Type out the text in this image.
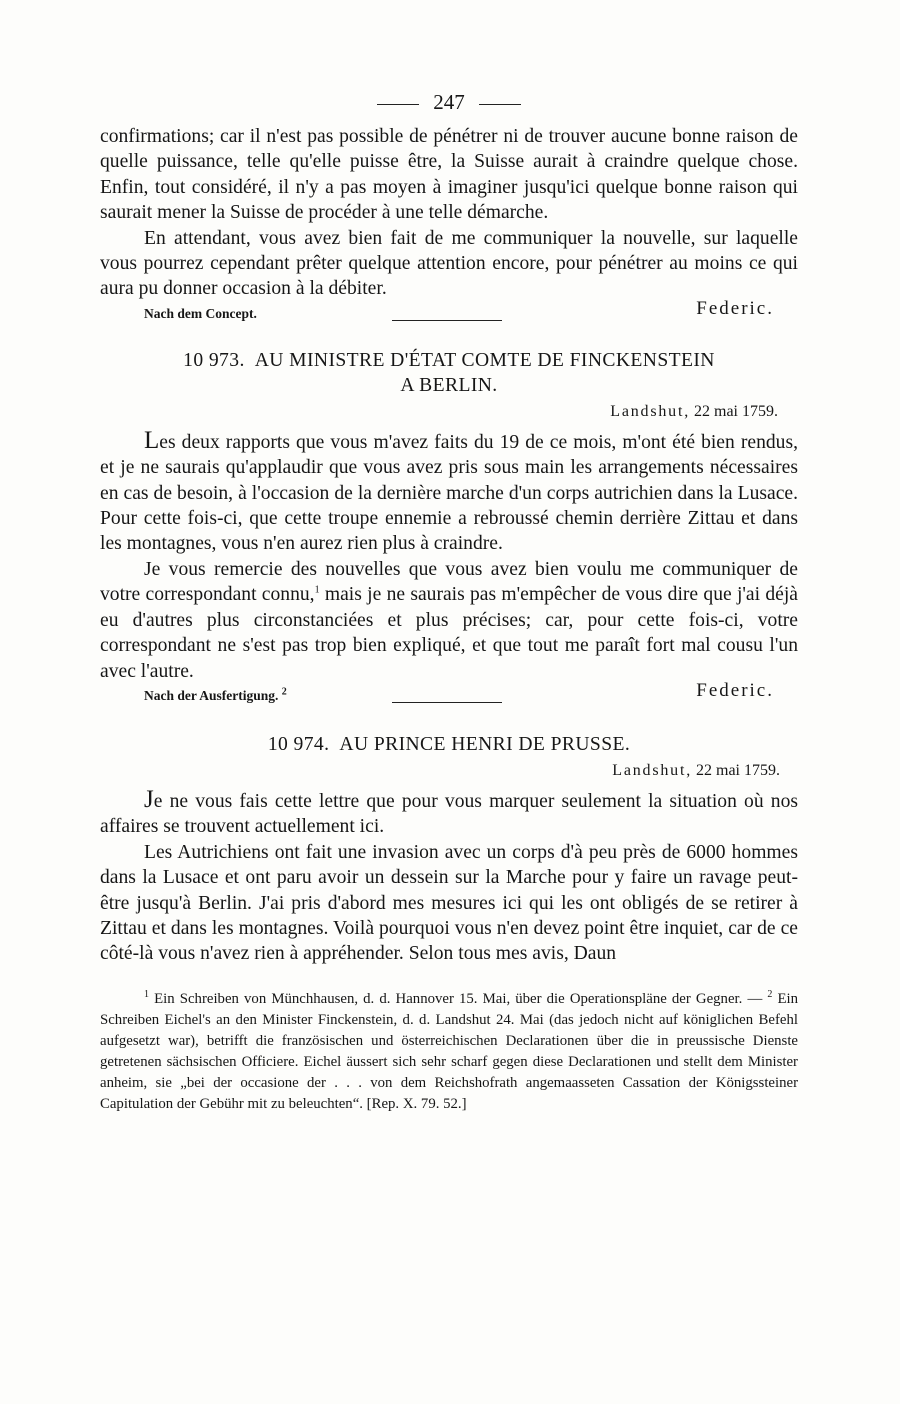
247

confirmations; car il n'est pas possible de pénétrer ni de trouver aucune bonne raison de quelle puissance, telle qu'elle puisse être, la Suisse aurait à craindre quelque chose. Enfin, tout considéré, il n'y a pas moyen à imaginer jusqu'ici quelque bonne raison qui saurait mener la Suisse de procéder à une telle démarche.

En attendant, vous avez bien fait de me communiquer la nouvelle, sur laquelle vous pourrez cependant prêter quelque attention encore, pour pénétrer au moins ce qui aura pu donner occasion à la débiter.

Nach dem Concept.	Federic.

10 973. AU MINISTRE D'ÉTAT COMTE DE FINCKENSTEIN

A BERLIN.

Landshut, 22 mai 1759.

Les deux rapports que vous m'avez faits du 19 de ce mois, m'ont été bien rendus, et je ne saurais qu'applaudir que vous avez pris sous main les arrangements nécessaires en cas de besoin, à l'occasion de la dernière marche d'un corps autrichien dans la Lusace. Pour cette fois-ci, que cette troupe ennemie a rebroussé chemin derrière Zittau et dans les montagnes, vous n'en aurez rien plus à craindre.

Je vous remercie des nouvelles que vous avez bien voulu me communiquer de votre correspondant connu,$^1$ mais je ne saurais pas m'empêcher de vous dire que j'ai déjà eu d'autres plus circonstanciées et plus précises; car, pour cette fois-ci, votre correspondant ne s'est pas trop bien expliqué, et que tout me paraît fort mal cousu l'un avec l'autre.

Nach der Ausfertigung. $^2$	Federic.

10 974. AU PRINCE HENRI DE PRUSSE.

Landshut, 22 mai 1759.

Je ne vous fais cette lettre que pour vous marquer seulement la situation où nos affaires se trouvent actuellement ici.

Les Autrichiens ont fait une invasion avec un corps d'à peu près de 6000 hommes dans la Lusace et ont paru avoir un dessein sur la Marche pour y faire un ravage peut-être jusqu'à Berlin. J'ai pris d'abord mes mesures ici qui les ont obligés de se retirer à Zittau et dans les montagnes. Voilà pourquoi vous n'en devez point être inquiet, car de ce côté-là vous n'avez rien à appréhender. Selon tous mes avis, Daun

$^1$ Ein Schreiben von Münchhausen, d. d. Hannover 15. Mai, über die Operationspläne der Gegner. — $^2$ Ein Schreiben Eichel's an den Minister Finckenstein, d. d. Landshut 24. Mai (das jedoch nicht auf königlichen Befehl aufgesetzt war), betrifft die französischen und österreichischen Declarationen über die in preussische Dienste getretenen sächsischen Officiere. Eichel äussert sich sehr scharf gegen diese Declarationen und stellt dem Minister anheim, sie „bei der occasione der . . . von dem Reichshofrath angemaasseten Cassation der Königssteiner Capitulation der Gebühr mit zu beleuchten“. [Rep. X. 79. 52.]
